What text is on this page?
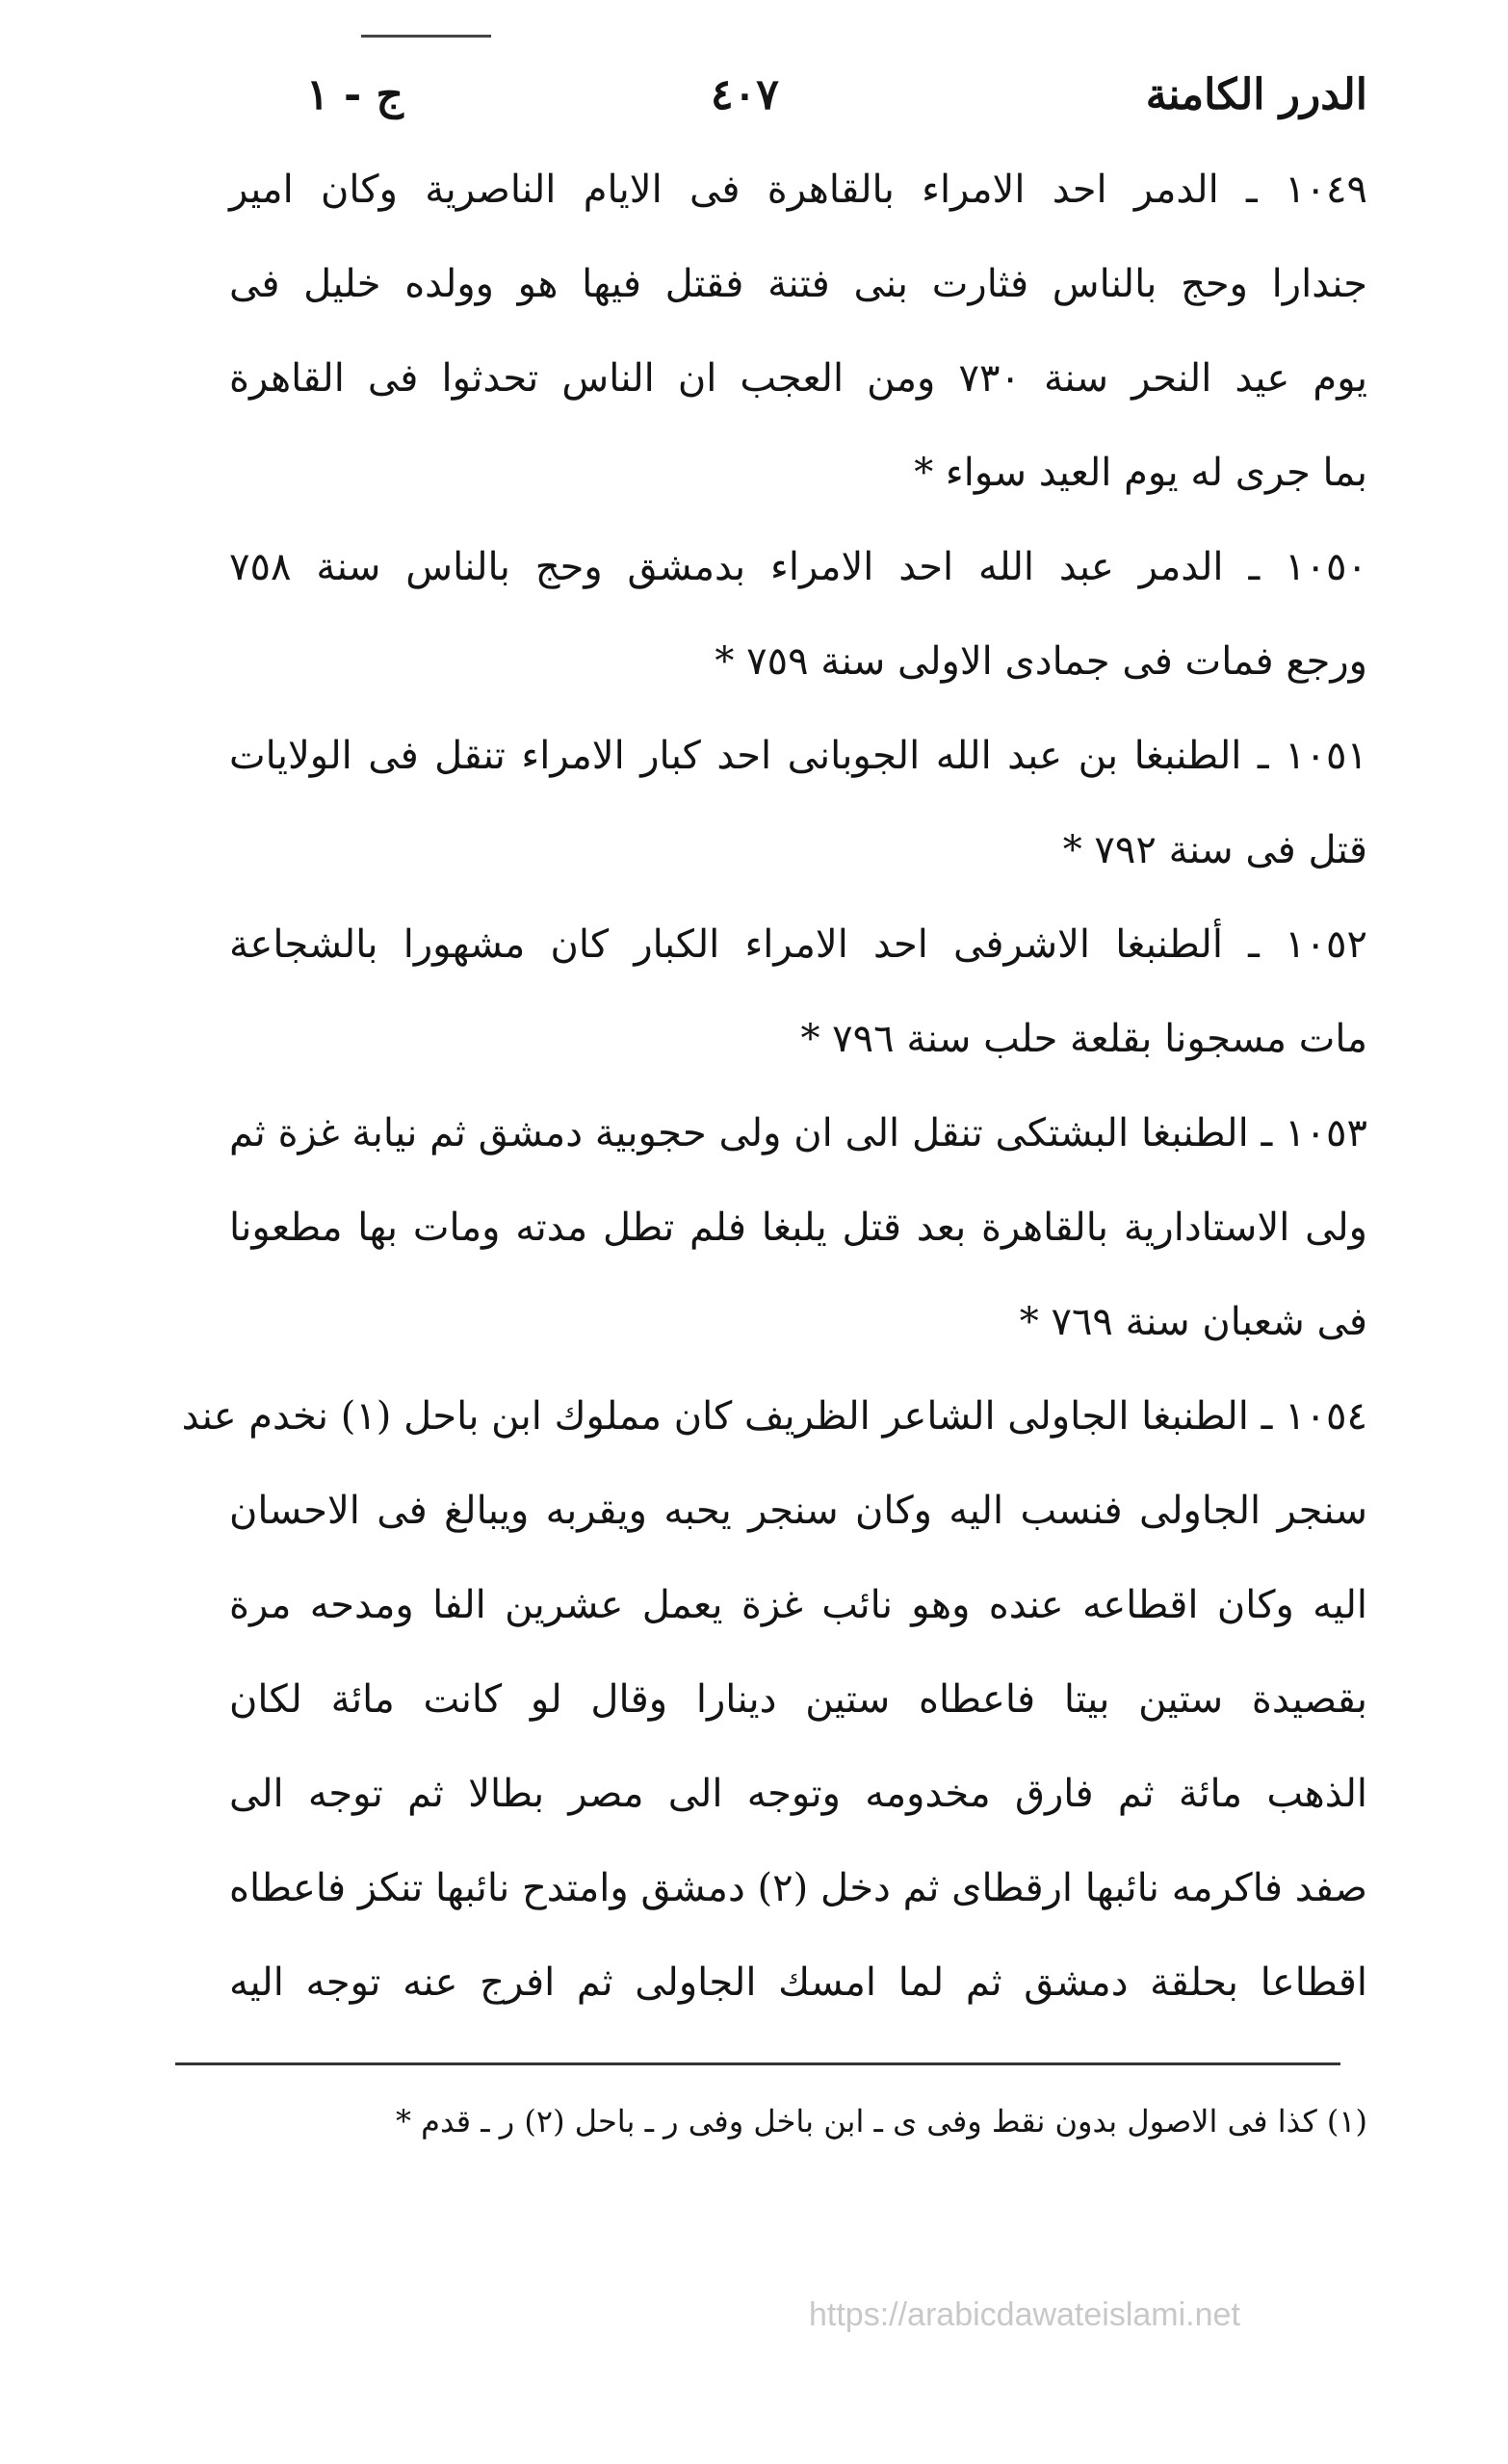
الدرر الكامنة
٤٠٧
ج - ١
١٠٤٩ ـ الدمر احد الامراء بالقاهرة فى الايام الناصرية وكان امير
جندارا وحج بالناس فثارت بنى فتنة فقتل فيها هو وولده خليل فى
يوم عيد النحر سنة ٧٣٠ ومن العجب ان الناس تحدثوا فى القاهرة
بما جرى له يوم العيد سواء *
١٠٥٠ ـ الدمر عبد الله احد الامراء بدمشق وحج بالناس سنة ٧٥٨
ورجع فمات فى جمادى الاولى سنة ٧٥٩ *
١٠٥١ ـ الطنبغا بن عبد الله الجوبانى احد كبار الامراء تنقل فى الولايات
قتل فى سنة ٧٩٢ *
١٠٥٢ ـ ألطنبغا الاشرفى احد الامراء الكبار كان مشهورا بالشجاعة
مات مسجونا بقلعة حلب سنة ٧٩٦ *
١٠٥٣ ـ الطنبغا البشتكى تنقل الى ان ولى حجوبية دمشق ثم نيابة غزة ثم
ولى الاستادارية بالقاهرة بعد قتل يلبغا فلم تطل مدته ومات بها مطعونا
فى شعبان سنة ٧٦٩ *
١٠٥٤ ـ الطنبغا الجاولى الشاعر الظريف كان مملوك ابن باحل (١) نخدم عند
سنجر الجاولى فنسب اليه وكان سنجر يحبه ويقربه ويبالغ فى الاحسان
اليه وكان اقطاعه عنده وهو نائب غزة يعمل عشرين الفا ومدحه مرة
بقصيدة ستين بيتا فاعطاه ستين دينارا وقال لو كانت مائة لكان
الذهب مائة ثم فارق مخدومه وتوجه الى مصر بطالا ثم توجه الى
صفد فاكرمه نائبها ارقطاى ثم دخل (٢) دمشق وامتدح نائبها تنكز فاعطاه
اقطاعا بحلقة دمشق ثم لما امسك الجاولى ثم افرج عنه توجه اليه
(١) كذا فى الاصول بدون نقط وفى ى ـ ابن باخل وفى ر ـ باحل (٢) ر ـ قدم *
https://arabicdawateislami.net
